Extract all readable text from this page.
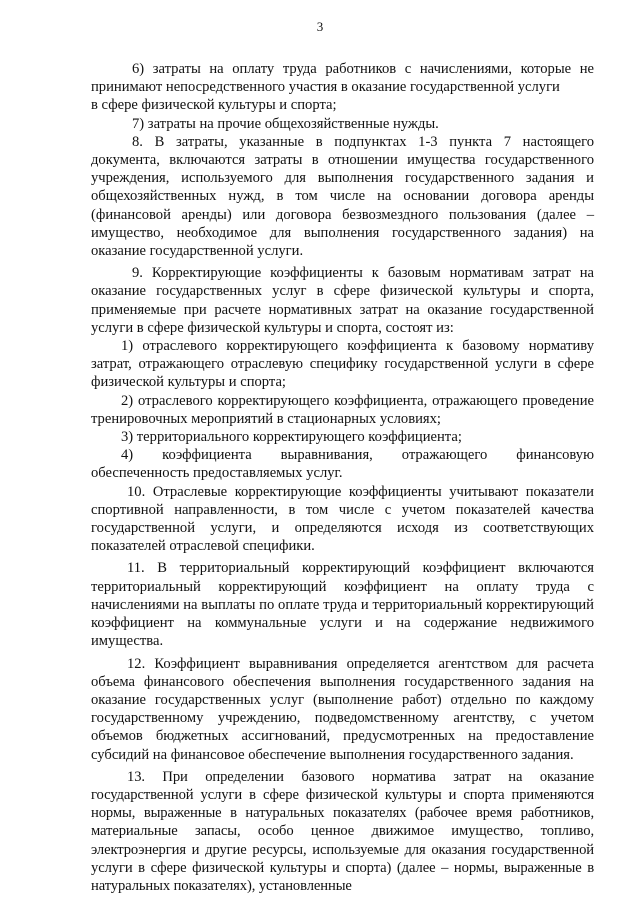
3

6) затраты на оплату труда работников с начислениями, которые не принимают непосредственного участия в оказание государственной услуги

в сфере физической культуры и спорта;

7) затраты на прочие общехозяйственные нужды.

8. В затраты, указанные в подпунктах 1-3 пункта 7 настоящего документа, включаются затраты в отношении имущества государственного учреждения, используемого для выполнения государственного задания и общехозяйственных нужд, в том числе на основании договора аренды (финансовой аренды) или договора безвозмездного пользования (далее – имущество, необходимое для выполнения государственного задания) на оказание государственной услуги.

9. Корректирующие коэффициенты к базовым нормативам затрат на оказание государственных услуг в сфере физической культуры и спорта, применяемые при расчете нормативных затрат на оказание государственной услуги в сфере физической культуры и спорта, состоят из:

1) отраслевого корректирующего коэффициента к базовому нормативу затрат, отражающего отраслевую специфику государственной услуги в сфере физической культуры и спорта;

2) отраслевого корректирующего коэффициента, отражающего проведение тренировочных мероприятий в стационарных условиях;

3) территориального корректирующего коэффициента;

4) коэффициента выравнивания, отражающего финансовую обеспеченность предоставляемых услуг.

10. Отраслевые корректирующие коэффициенты учитывают показатели спортивной направленности, в том числе с учетом показателей качества государственной услуги, и определяются исходя из соответствующих показателей отраслевой специфики.

11. В территориальный корректирующий коэффициент включаются территориальный корректирующий коэффициент на оплату труда с начислениями на выплаты по оплате труда и территориальный корректирующий коэффициент на коммунальные услуги и на содержание недвижимого имущества.

12. Коэффициент выравнивания определяется агентством для расчета объема финансового обеспечения выполнения государственного задания на оказание государственных услуг (выполнение работ) отдельно по каждому государственному учреждению, подведомственному агентству, с учетом объемов бюджетных ассигнований, предусмотренных на предоставление субсидий на финансовое обеспечение выполнения государственного задания.

13. При определении базового норматива затрат на оказание государственной услуги в сфере физической культуры и спорта применяются нормы, выраженные в натуральных показателях (рабочее время работников, материальные запасы, особо ценное движимое имущество, топливо, электроэнергия и другие ресурсы, используемые для оказания государственной услуги в сфере физической культуры и спорта) (далее – нормы, выраженные в натуральных показателях), установленные
